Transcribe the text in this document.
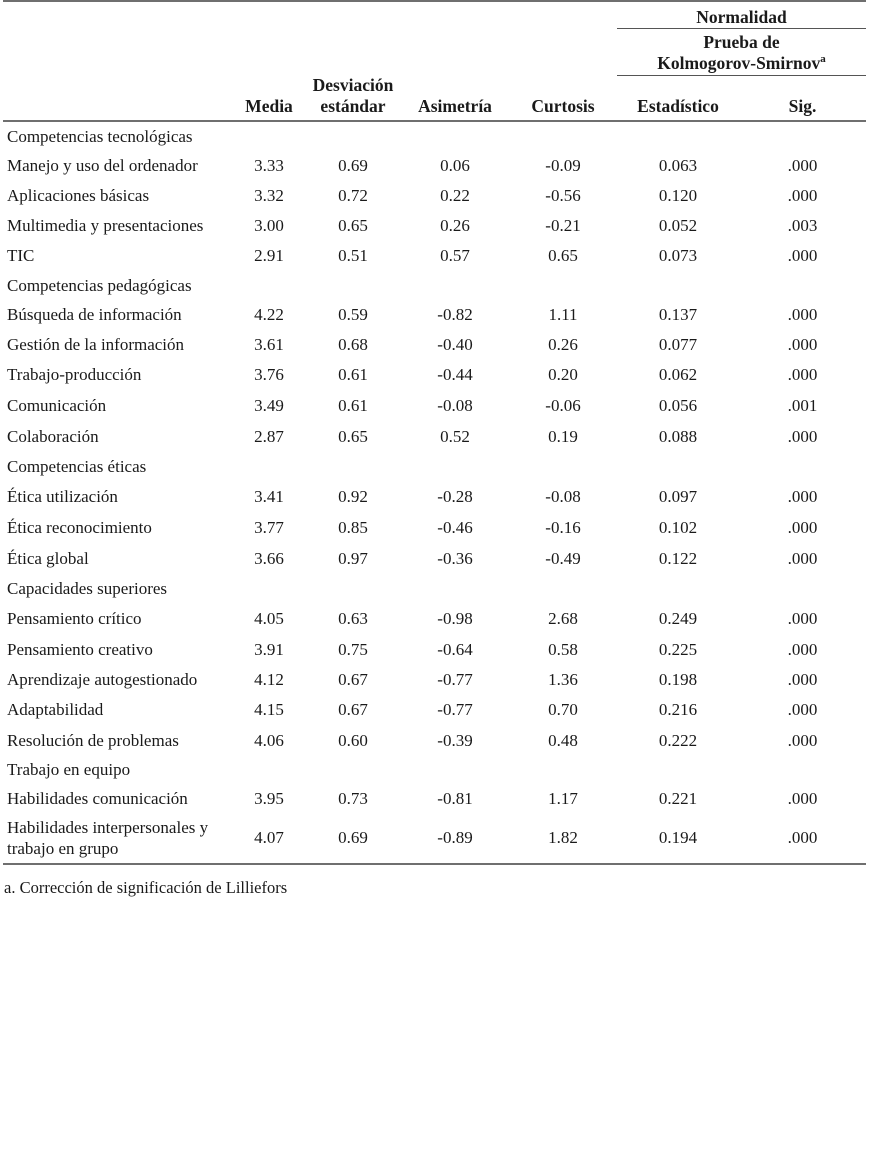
					Normalidad	
					Prueba de
Kolmogorov-Smirnov$^a$
	Media	Desviación
estándar	Asimetría	Curtosis	Estadístico	Sig.
Competencias tecnológicas						
Manejo y uso del ordenador	3.33	0.69	0.06	-0.09	0.063	.000
Aplicaciones básicas	3.32	0.72	0.22	-0.56	0.120	.000
Multimedia y presentaciones	3.00	0.65	0.26	-0.21	0.052	.003
TIC	2.91	0.51	0.57	0.65	0.073	.000
Competencias pedagógicas						
Búsqueda de información	4.22	0.59	-0.82	1.11	0.137	.000
Gestión de la información	3.61	0.68	-0.40	0.26	0.077	.000
Trabajo-producción	3.76	0.61	-0.44	0.20	0.062	.000
Comunicación	3.49	0.61	-0.08	-0.06	0.056	.001
Colaboración	2.87	0.65	0.52	0.19	0.088	.000
Competencias éticas						
Ética utilización	3.41	0.92	-0.28	-0.08	0.097	.000
Ética reconocimiento	3.77	0.85	-0.46	-0.16	0.102	.000
Ética global	3.66	0.97	-0.36	-0.49	0.122	.000
Capacidades superiores						
Pensamiento crítico	4.05	0.63	-0.98	2.68	0.249	.000
Pensamiento creativo	3.91	0.75	-0.64	0.58	0.225	.000
Aprendizaje autogestionado	4.12	0.67	-0.77	1.36	0.198	.000
Adaptabilidad	4.15	0.67	-0.77	0.70	0.216	.000
Resolución de problemas	4.06	0.60	-0.39	0.48	0.222	.000
Trabajo en equipo						
Habilidades comunicación	3.95	0.73	-0.81	1.17	0.221	.000
Habilidades interpersonales y trabajo en grupo	4.07	0.69	-0.89	1.82	0.194	.000

a. Corrección de significación de Lilliefors
